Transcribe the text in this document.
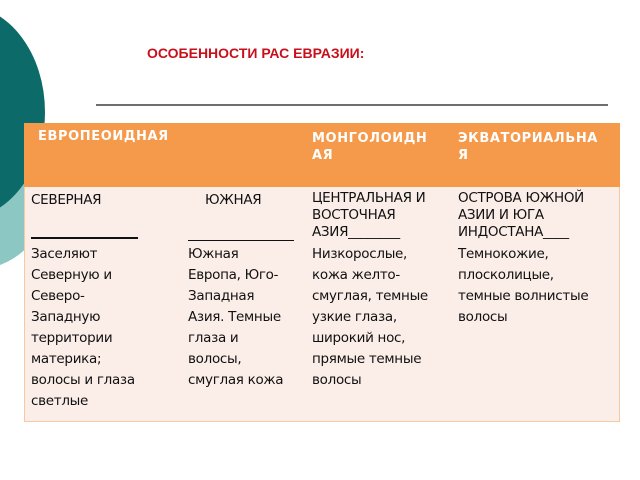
ОСОБЕННОСТИ РАС ЕВРАЗИИ:
ЕВРОПЕОИДНАЯ	МОНГОЛОИДН
АЯ
ЭКВАТОРИАЛЬНА
Я
СЕВЕРНАЯ
Заселяют
Северную и
Северо-
Западную
территории
материка;
волосы и глаза
светлые
ЮЖНАЯ
Южная
Европа, Юго-
Западная
Азия. Темные
глаза и
волосы,
смуглая кожа
ЦЕНТРАЛЬНАЯ И
ВОСТОЧНАЯ
АЗИЯ________
Низкорослые,
кожа желто-
смуглая, темные
узкие глаза,
широкий нос,
прямые темные
волосы
ОСТРОВА ЮЖНОЙ
АЗИИ И ЮГА
ИНДОСТАНА____
Темнокожие,
плосколицые,
темные волнистые
волосы
